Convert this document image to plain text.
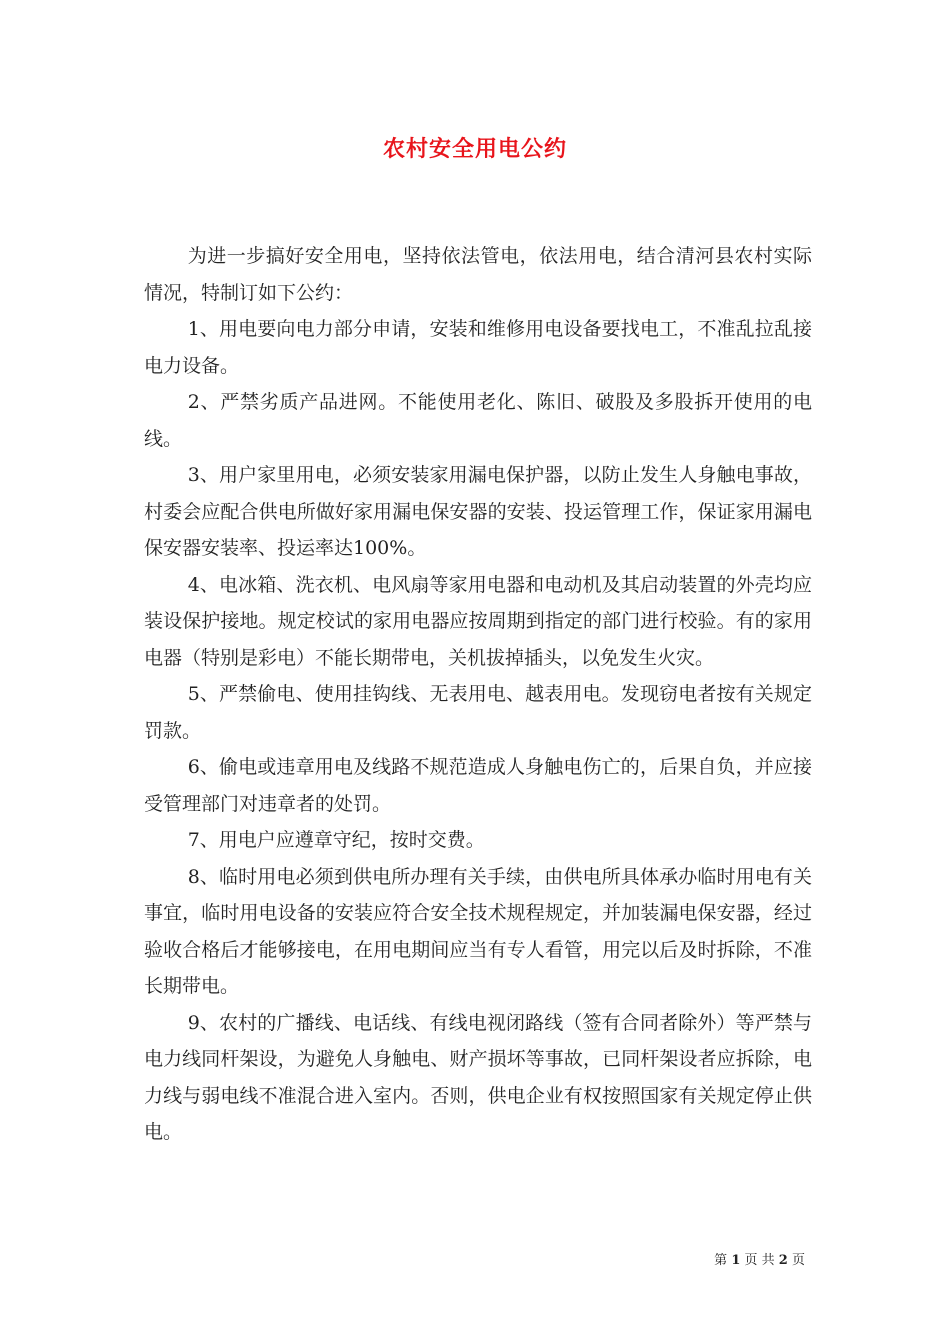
农村安全用电公约

为进一步搞好安全用电，坚持依法管电，依法用电，结合清河县农村实际情况，特制订如下公约：

1、用电要向电力部分申请，安装和维修用电设备要找电工，不准乱拉乱接电力设备。

2、严禁劣质产品进网。不能使用老化、陈旧、破股及多股拆开使用的电线。

3、用户家里用电，必须安装家用漏电保护器，以防止发生人身触电事故，村委会应配合供电所做好家用漏电保安器的安装、投运管理工作，保证家用漏电保安器安装率、投运率达100%。

4、电冰箱、洗衣机、电风扇等家用电器和电动机及其启动装置的外壳均应装设保护接地。规定校试的家用电器应按周期到指定的部门进行校验。有的家用电器（特别是彩电）不能长期带电，关机拔掉插头，以免发生火灾。

5、严禁偷电、使用挂钩线、无表用电、越表用电。发现窃电者按有关规定罚款。

6、偷电或违章用电及线路不规范造成人身触电伤亡的，后果自负，并应接受管理部门对违章者的处罚。

7、用电户应遵章守纪，按时交费。

8、临时用电必须到供电所办理有关手续，由供电所具体承办临时用电有关事宜，临时用电设备的安装应符合安全技术规程规定，并加装漏电保安器，经过验收合格后才能够接电，在用电期间应当有专人看管，用完以后及时拆除，不准长期带电。

9、农村的广播线、电话线、有线电视闭路线（签有合同者除外）等严禁与电力线同杆架设，为避免人身触电、财产损坏等事故，已同杆架设者应拆除，电力线与弱电线不准混合进入室内。否则，供电企业有权按照国家有关规定停止供电。

第 1 页 共 2 页
